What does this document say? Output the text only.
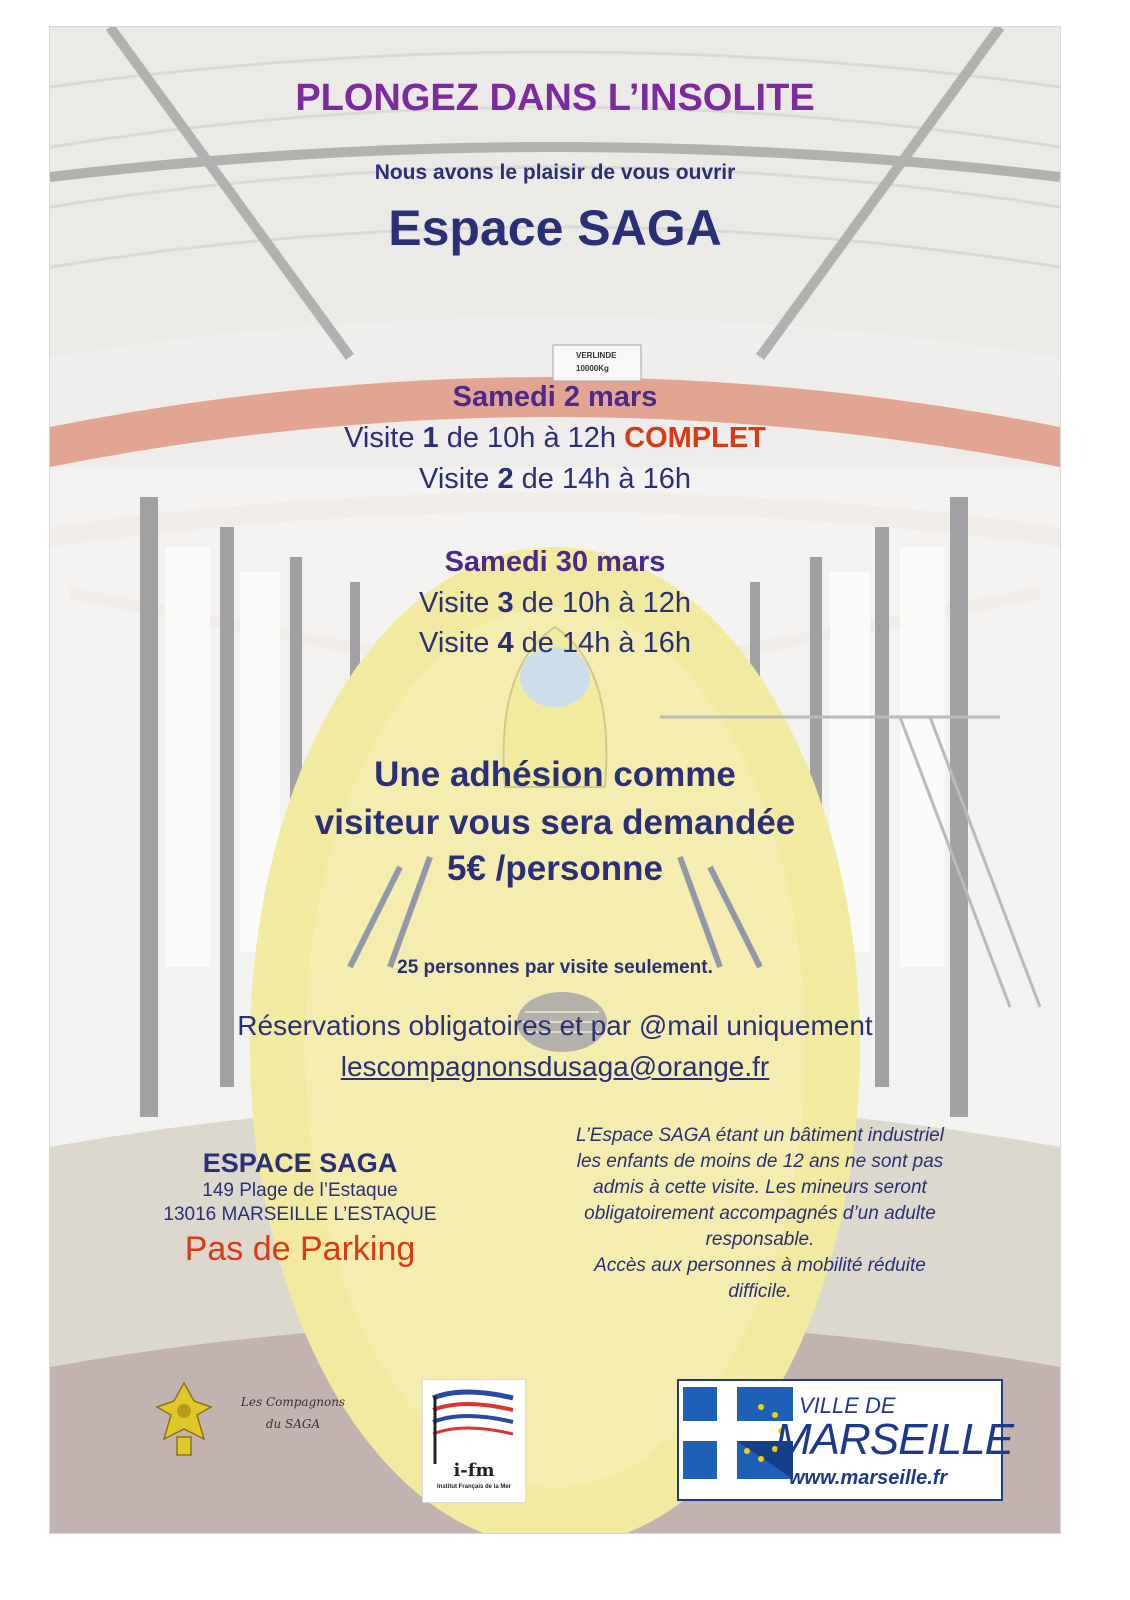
PLONGEZ DANS L’INSOLITE

Nous avons le plaisir de vous ouvrir

Espace SAGA

VERLINDE
10000Kg

Samedi 2 mars

Visite 1 de 10h à 12h COMPLET

Visite 2 de 14h à 16h

Samedi 30 mars

Visite 3 de 10h à 12h

Visite 4 de 14h à 16h

Une adhésion comme

visiteur vous sera demandée

5€ /personne

25 personnes par visite seulement.

Réservations obligatoires et par @mail uniquement

lescompagnonsdusaga@orange.fr

ESPACE SAGA
149 Plage de l’Estaque
13016 MARSEILLE L’ESTAQUE
Pas de Parking
L’Espace SAGA étant un bâtiment industriel
les enfants de moins de 12 ans ne sont pas
admis à cette visite. Les mineurs seront
obligatoirement accompagnés d’un adulte
responsable.
Accès aux personnes à mobilité réduite
difficile.
Les Compagnons
du SAGA
i-fm
Institut Français de la Mer
VILLE DE
MARSEILLE
www.marseille.fr
